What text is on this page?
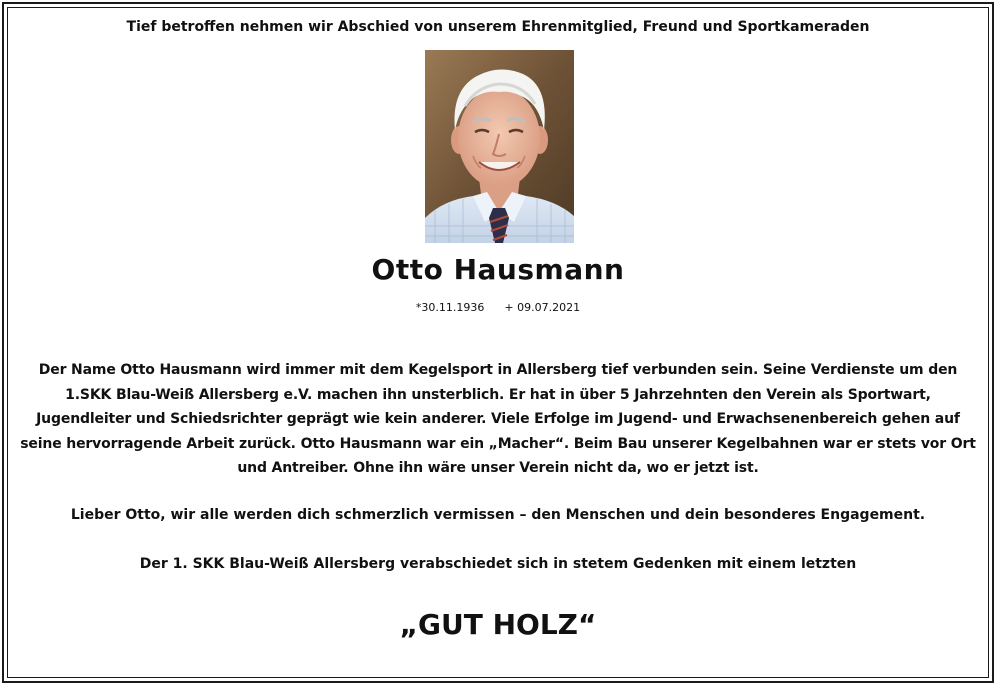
Tief betroffen nehmen wir Abschied von unserem Ehrenmitglied, Freund und Sportkameraden
Otto Hausmann
*30.11.1936 + 09.07.2021
Der Name Otto Hausmann wird immer mit dem Kegelsport in Allersberg tief verbunden sein. Seine Verdienste um den 1.SKK Blau-Weiß Allersberg e.V. machen ihn unsterblich. Er hat in über 5 Jahrzehnten den Verein als Sportwart, Jugendleiter und Schiedsrichter geprägt wie kein anderer. Viele Erfolge im Jugend- und Erwachsenenbereich gehen auf seine hervorragende Arbeit zurück. Otto Hausmann war ein „Macher“. Beim Bau unserer Kegelbahnen war er stets vor Ort und Antreiber. Ohne ihn wäre unser Verein nicht da, wo er jetzt ist.
Lieber Otto, wir alle werden dich schmerzlich vermissen – den Menschen und dein besonderes Engagement.
Der 1. SKK Blau-Weiß Allersberg verabschiedet sich in stetem Gedenken mit einem letzten
„GUT HOLZ“
